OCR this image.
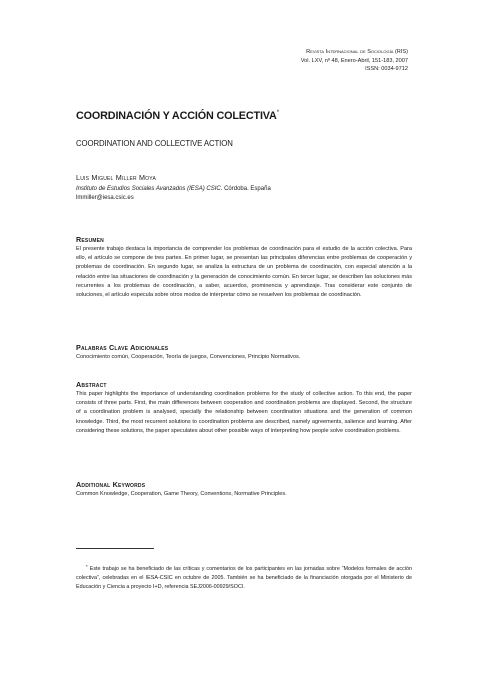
Revista Internacional de Sociología (RIS)
Vol. LXV, nº 48, Enero-Abril, 151-183, 2007
ISSN: 0034-9712
COORDINACIÓN Y ACCIÓN COLECTIVA*
COORDINATION AND COLLECTIVE ACTION
Luis Miguel Miller Moya
Instituto de Estudios Sociales Avanzados (IESA) CSIC. Córdoba. España
lmmiller@iesa.csic.es
Resumen

El presente trabajo destaca la importancia de comprender los problemas de coordinación para el estudio de la acción colectiva. Para ello, el artículo se compone de tres partes. En primer lugar, se presentan las principales diferencias entre problemas de cooperación y problemas de coordinación. En segundo lugar, se analiza la estructura de un problema de coordinación, con especial atención a la relación entre las situaciones de coordinación y la generación de conocimiento común. En tercer lugar, se describen las soluciones más recurrentes a los problemas de coordinación, a saber, acuerdos, prominencia y aprendizaje. Tras considerar este conjunto de soluciones, el artículo especula sobre otros modos de interpretar cómo se resuelven los problemas de coordinación.

Palabras Clave Adicionales

Conocimiento común, Cooperación, Teoría de juegos, Convenciones, Principio Normativos.

Abstract

This paper highlights the importance of understanding coordination problems for the study of collective action. To this end, the paper consists of three parts. First, the main differences between cooperation and coordination problems are displayed. Second, the structure of a coordination problem is analysed, specially the relationship between coordination situations and the generation of common knowledge. Third, the most recurrent solutions to coordination problems are described, namely agreements, salience and learning. After considering these solutions, the paper speculates about other possible ways of interpreting how people solve coordination problems.

Additional Keywords

Common Knowledge, Cooperation, Game Theory, Conventions, Normative Principles.

* Este trabajo se ha beneficiado de las críticas y comentarios de los participantes en las jornadas sobre “Modelos formales de acción colectiva”, celebradas en el IESA-CSIC en octubre de 2005. También se ha beneficiado de la financiación otorgada por el Ministerio de Educación y Ciencia a proyecto I+D, referencia SEJ2006-00929/SOCI.
